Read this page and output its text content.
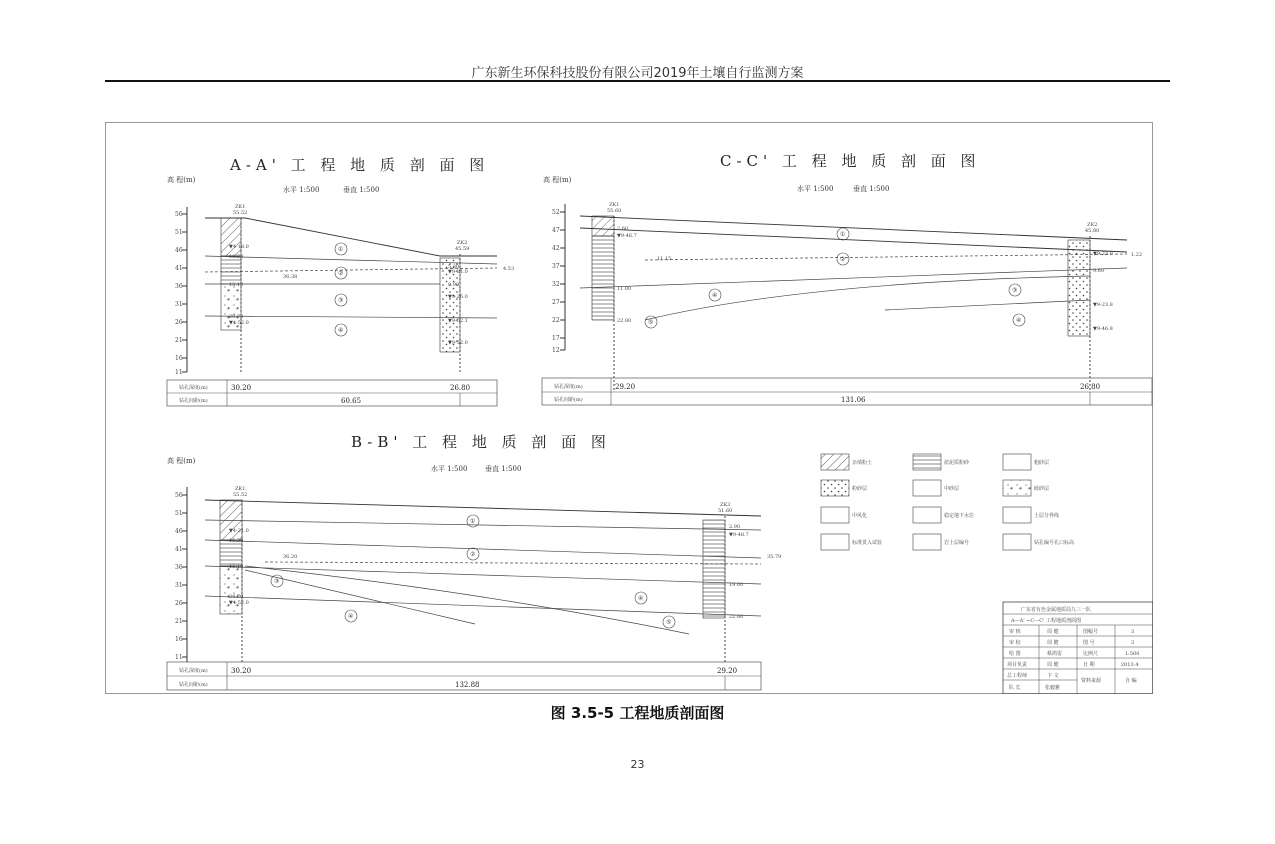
广东新生环保科技股份有限公司2019年土壤自行监测方案
A-A' 工 程 地 质 剖 面 图
高 程(m)
水平 1:500	垂直 1:500
56
51
46
41
36
31
26
21
16
11
ZK1
55.52
ZK2
45.59
▼4-18.0
10.30
15.10
28.70
▼4-52.0
5.80
▼9-21.0
9.90
▼9-26.0
▼9-52.1
▼9-52.0
36.38
4.53
①
②
③
④
钻孔深度(m)
钻孔间距(m)
30.20	26.80
60.65
C-C' 工 程 地 质 剖 面 图
高 程(m)
水平 1:500	垂直 1:500
52
47
42
37
32
27
22
17
12
ZK1
55.60
ZK2
45.80
2.60
▼9-46.7
11.00
22.80
▼9-23.0
9.60
▼9-23.8
▼9-46.8
11.15
1.22
①
②
③
④
④
⑤
钻孔深度(m)
钻孔间距(m)
29.20	26.80
131.06
B-B' 工 程 地 质 剖 面 图
高 程(m)
水平 1:500	垂直 1:500
56
51
46
41
36
31
26
21
16
11
ZK1
55.52
ZK3
51.60
▼4-21.0
16.30
16.10
28.70
▼4-52.0
2.90
▼9-48.7
19.00
22.80
36.20	35.79
①
②
③
④
④
⑤
钻孔深度(m)
钻孔间距(m)
30.20	29.20
132.88
杂填粉土	淤泥质粉砂	粗砂层
粉砂层	中砂层	砾砂层
中风化	稳定地下水位	土层分界线
标准贯入试验	岩土层编号	钻孔编号孔口标高
广东省有色金属地质局九三一队
A—A' ~C—C' 工程地质剖面图
审 核	周 健	图幅号	3
审 校	周 健	图 号	3
绘 图	蔡鸿雷	比例尺	1:500
项目负责	周 健	日 期	2013.4
总工程师	卞 文
资料来源	自 编
队 长	张毅雅
图 3.5-5 工程地质剖面图
23
